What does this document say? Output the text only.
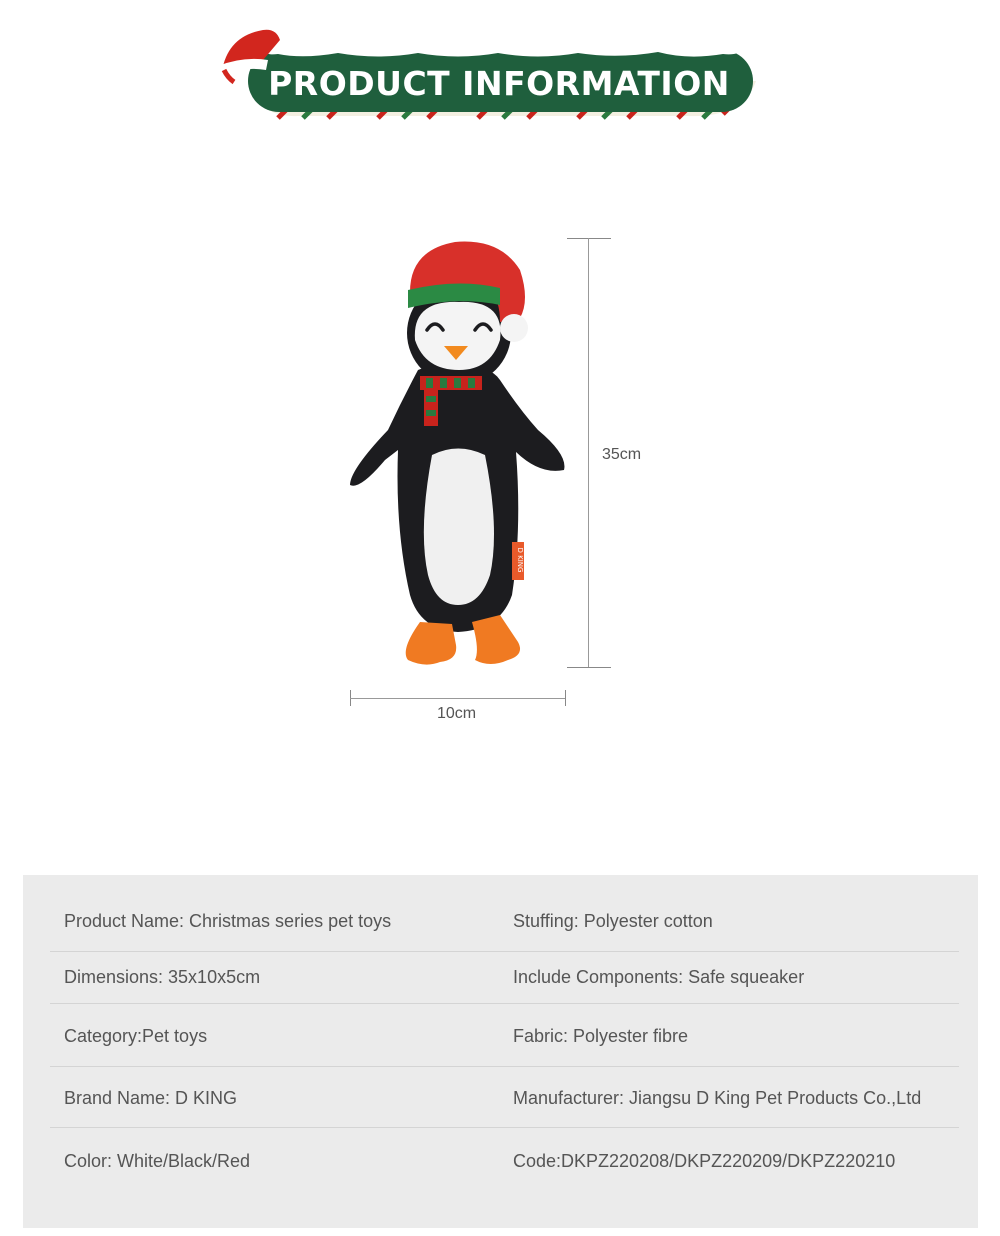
PRODUCT INFORMATION
D KING
35cm
10cm
Product Name: Christmas series pet toys	Stuffing: Polyester cotton
Dimensions: 35x10x5cm	Include Components: Safe squeaker
Category:Pet toys	Fabric: Polyester fibre
Brand Name: D KING	Manufacturer: Jiangsu D King Pet Products Co.,Ltd
Color: White/Black/Red	Code:DKPZ220208/DKPZ220209/DKPZ220210
